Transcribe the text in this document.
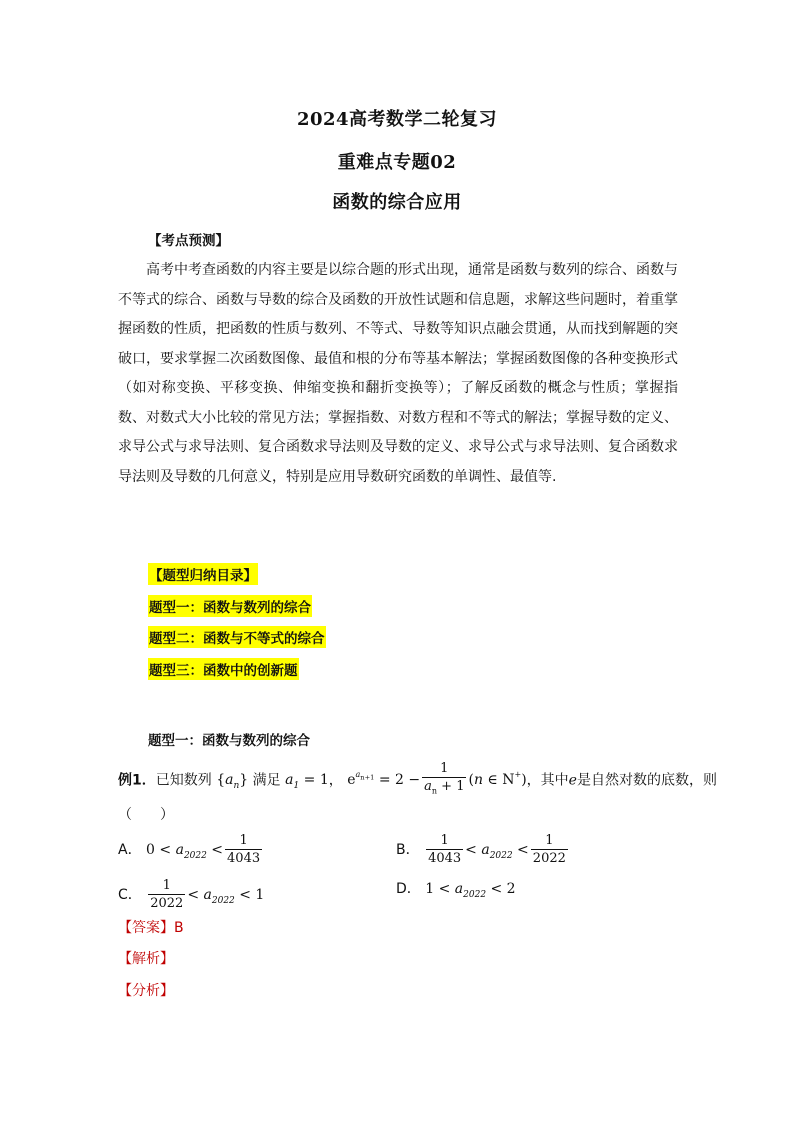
2024高考数学二轮复习
重难点专题02
函数的综合应用
【考点预测】

高考中考查函数的内容主要是以综合题的形式出现，通常是函数与数列的综合、函数与不等式的综合、函数与导数的综合及函数的开放性试题和信息题，求解这些问题时，着重掌握函数的性质，把函数的性质与数列、不等式、导数等知识点融会贯通，从而找到解题的突破口，要求掌握二次函数图像、最值和根的分布等基本解法；掌握函数图像的各种变换形式（如对称变换、平移变换、伸缩变换和翻折变换等）；了解反函数的概念与性质；掌握指数、对数式大小比较的常见方法；掌握指数、对数方程和不等式的解法；掌握导数的定义、求导公式与求导法则、复合函数求导法则及导数的定义、求导公式与求导法则、复合函数求导法则及导数的几何意义，特别是应用导数研究函数的单调性、最值等.

【题型归纳目录】
题型一：函数与数列的综合
题型二：函数与不等式的综合
题型三：函数中的创新题
题型一：函数与数列的综合
例1．已知数列 $\{a_n\}$ 满足 $a_1 = 1$， $e^{a_{n+1}} = 2 - \frac{1}{a_n + 1} (n$ ∈ N+)，其中e是自然对数的底数，则
（　　）
A． $0 < a_{2022} < \frac{1}{4043}$	B． $\frac{1}{4043} < a_{2022} < \frac{1}{2022}$
C． $\frac{1}{2022} < a_{2022} < 1$	D． $1 < a_{2022} < 2$
【答案】B
【解析】
【分析】
